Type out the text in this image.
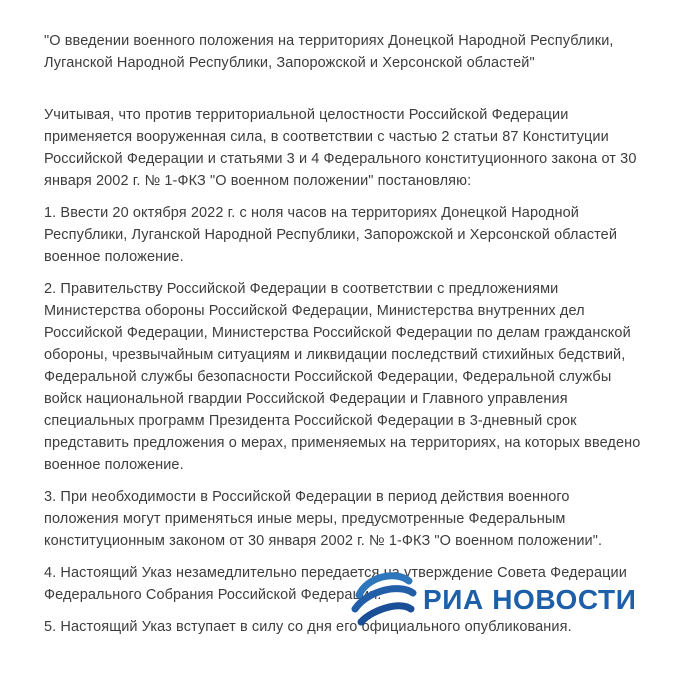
"О введении военного положения на территориях Донецкой Народной Республики, Луганской Народной Республики, Запорожской и Херсонской областей"

Учитывая, что против территориальной целостности Российской Федерации применяется вооруженная сила, в соответствии с частью 2 статьи 87 Конституции Российской Федерации и статьями 3 и 4 Федерального конституционного закона от 30 января 2002 г. № 1-ФКЗ "О военном положении" постановляю:

1. Ввести 20 октября 2022 г. с ноля часов на территориях Донецкой Народной Республики, Луганской Народной Республики, Запорожской и Херсонской областей военное положение.

2. Правительству Российской Федерации в соответствии с предложениями Министерства обороны Российской Федерации, Министерства внутренних дел Российской Федерации, Министерства Российской Федерации по делам гражданской обороны, чрезвычайным ситуациям и ликвидации последствий стихийных бедствий, Федеральной службы безопасности Российской Федерации, Федеральной службы войск национальной гвардии Российской Федерации и Главного управления специальных программ Президента Российской Федерации в 3-дневный срок представить предложения о мерах, применяемых на территориях, на которых введено военное положение.

3. При необходимости в Российской Федерации в период действия военного положения могут применяться иные меры, предусмотренные Федеральным конституционным законом от 30 января 2002 г. № 1-ФКЗ "О военном положении".

4. Настоящий Указ незамедлительно передается на утверждение Совета Федерации Федерального Собрания Российской Федерации.

5. Настоящий Указ вступает в силу со дня его официального опубликования.

РИА НОВОСТИ
